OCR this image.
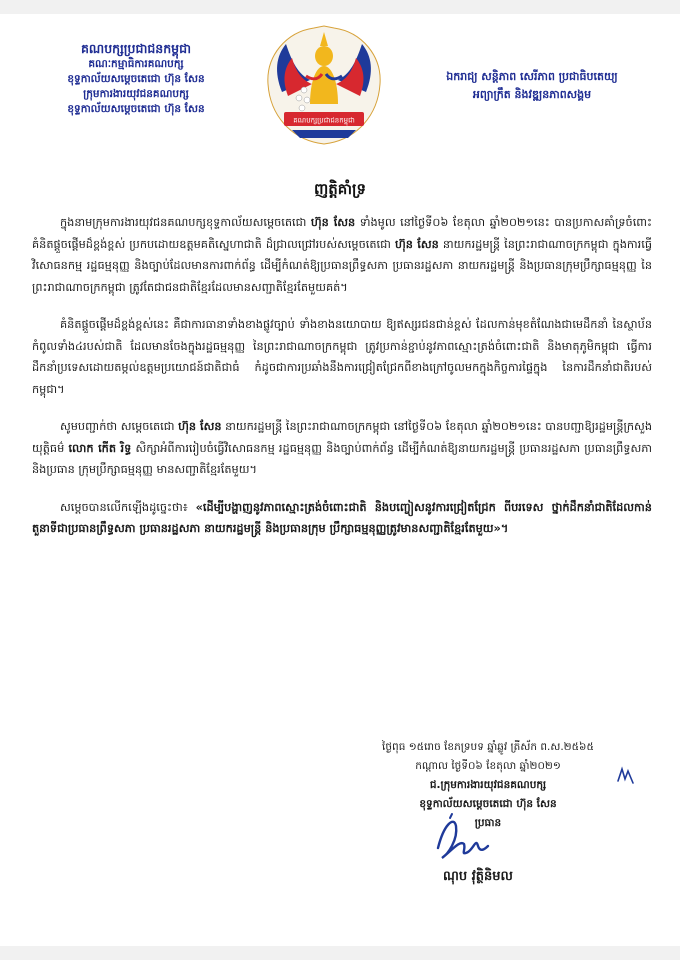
គណបក្សប្រជាជនកម្ពុជា
គណៈកម្មាធិការគណបក្ស
ខុទ្ទកាល័យសម្ដេចតេជោ ហ៊ុន សែន
ក្រុមការងារយុវជនគណបក្ស
ខុទ្ទកាល័យសម្ដេចតេជោ ហ៊ុន សែន
គណបក្សប្រជាជនកម្ពុជា
ឯករាជ្យ សន្តិភាព សេរីភាព ប្រជាធិបតេយ្យ
អព្យាក្រឹត និងវឌ្ឍនភាពសង្គម
ញត្តិគាំទ្រ

ក្នុងនាមក្រុមការងារយុវជនគណបក្សខុទ្ទកាល័យសម្ដេចតេជោ ហ៊ុន សែន ទាំងមូល នៅថ្ងៃទី០៦ ខែតុលា ឆ្នាំ២០២១នេះ បានប្រកាសគាំទ្រចំពោះគំនិតផ្ដួចផ្ដើមដ៏ខ្ពង់ខ្ពស់ ប្រកបដោយឧត្តមគតិស្នេហាជាតិ ដ៏ជ្រាលជ្រៅរបស់សម្ដេចតេជោ ហ៊ុន សែន នាយករដ្ឋមន្ត្រី នៃព្រះរាជាណាចក្រកម្ពុជា ក្នុងការធ្វើវិសោធនកម្ម រដ្ឋធម្មនុញ្ញ និងច្បាប់ដែលមានការពាក់ព័ន្ធ ដើម្បីកំណត់ឱ្យប្រធានព្រឹទ្ធសភា ប្រធានរដ្ឋសភា នាយករដ្ឋមន្ត្រី និងប្រធានក្រុមប្រឹក្សាធម្មនុញ្ញ នៃព្រះរាជាណាចក្រកម្ពុជា ត្រូវតែជាជនជាតិខ្មែរដែលមានសញ្ជាតិខ្មែរតែមួយគត់។

គំនិតផ្ដួចផ្ដើមដ៏ខ្ពង់ខ្ពស់នេះ គឺជាការធានាទាំងខាងផ្លូវច្បាប់ ទាំងខាងនយោបាយ ឱ្យឥស្សរជនជាន់ខ្ពស់ ដែលកាន់មុខតំណែងជាមេដឹកនាំ នៃស្ថាប័នកំពូលទាំង៤របស់ជាតិ ដែលមានចែងក្នុងរដ្ឋធម្មនុញ្ញ នៃព្រះរាជាណាចក្រកម្ពុជា ត្រូវប្រកាន់ខ្ជាប់នូវភាពស្មោះត្រង់ចំពោះជាតិ និងមាតុភូមិកម្ពុជា ធ្វើការដឹកនាំប្រទេសដោយតម្កល់ឧត្តមប្រយោជន៍ជាតិជាធំ កំដូចជាការប្រឆាំងនឹងការជ្រៀតជ្រែកពីខាងក្រៅចូលមកក្នុងកិច្ចការផ្ទៃក្នុង នៃការដឹកនាំជាតិរបស់កម្ពុជា។

សូមបញ្ជាក់ថា សម្ដេចតេជោ ហ៊ុន សែន នាយករដ្ឋមន្ត្រី នៃព្រះរាជាណាចក្រកម្ពុជា នៅថ្ងៃទី០៦ ខែតុលា ឆ្នាំ២០២១នេះ បានបញ្ជាឱ្យរដ្ឋមន្ត្រីក្រសួងយុត្តិធម៌ លោក កើត រិទ្ធ សិក្សាអំពីការរៀបចំធ្វើវិសោធនកម្ម រដ្ឋធម្មនុញ្ញ និងច្បាប់ពាក់ព័ន្ធ ដើម្បីកំណត់ឱ្យនាយករដ្ឋមន្ត្រី ប្រធានរដ្ឋសភា ប្រធានព្រឹទ្ធសភា និងប្រធាន ក្រុមប្រឹក្សាធម្មនុញ្ញ មានសញ្ជាតិខ្មែរតែមួយ។

សម្ដេចបានលើកឡើងដូច្នេះថា៖ «ដើម្បីបង្ហាញនូវភាពស្មោះត្រង់ចំពោះជាតិ និងបញ្ចៀសនូវការជ្រៀតជ្រែក ពីបរទេស ថ្នាក់ដឹកនាំជាតិដែលកាន់តួនាទីជាប្រធានព្រឹទ្ធសភា ប្រធានរដ្ឋសភា នាយករដ្ឋមន្ត្រី និងប្រធានក្រុម ប្រឹក្សាធម្មនុញ្ញត្រូវមានសញ្ជាតិខ្មែរតែមួយ»។

ថ្ងៃពុធ ១៥រោច ខែភទ្របទ ឆ្នាំឆ្លូវ ត្រីស័ក ព.ស.២៥៦៥
កណ្ដាល ថ្ងៃទី០៦ ខែតុលា ឆ្នាំ២០២១
ជ.ក្រុមការងារយុវជនគណបក្ស
ខុទ្ទកាល័យសម្ដេចតេជោ ហ៊ុន សែន
ប្រធាន
ណុប វុត្ថិនិមល
